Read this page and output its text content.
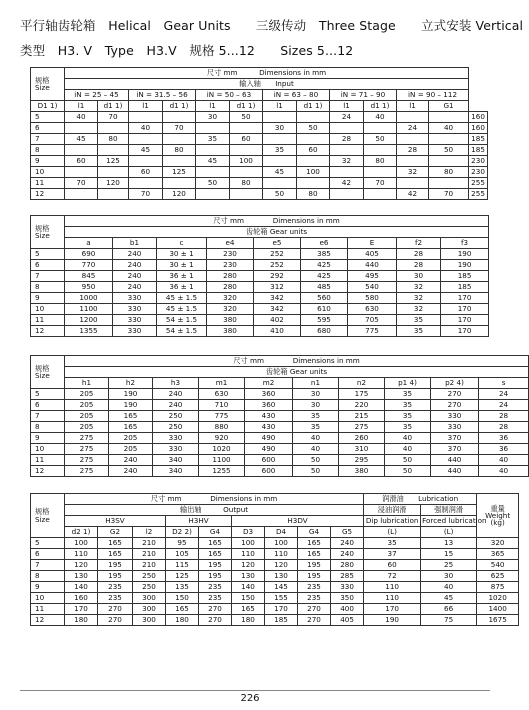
平行轴齿轮箱　Helical　Gear Units　　三级传动　Three Stage　　立式安装 Vertical
类型　H3. V　Type　H3.V　规格 5...12　　Sizes 5...12
规格
Size	尺寸 mm　　　Dimensions in mm												
	输入轴　　Input												
	iN = 25 – 45		iN = 31.5 – 56		iN = 50 – 63		iN = 63 – 80		iN = 71 – 90		iN = 90 – 112		
D1 1)	l1	d1 1)	l1	d1 1)	l1	d1 1)	l1	d1 1)	l1	d1 1)	l1	G1	
5	40	70			30	50			24	40			160
6			40	70			30	50			24	40	160
7	45	80			35	60			28	50			185
8			45	80			35	60			28	50	185
9	60	125			45	100			32	80			230
10			60	125			45	100			32	80	230
11	70	120			50	80			42	70			255
12			70	120			50	80			42	70	255
规格
Size	尺寸 mm　　　　Dimensions in mm									
	齿轮箱 Gear units									
	a	b1	c	e4	e5	e6	E	f2	f3	
5	690	240	30 ± 1	230	252	385	405	28	190	
6	770	240	30 ± 1	230	252	425	440	28	190	
7	845	240	36 ± 1	280	292	425	495	30	185	
8	950	240	36 ± 1	280	312	485	540	32	185	
9	1000	330	45 ± 1.5	320	342	560	580	32	170	
10	1100	330	45 ± 1.5	320	342	610	630	32	170	
11	1200	330	54 ± 1.5	380	402	595	705	35	170	
12	1355	330	54 ± 1.5	380	410	680	775	35	170	
规格
Size	尺寸 mm　　　　Dimensions in mm									
	齿轮箱 Gear units									
	h1	h2	h3	m1	m2	n1	n2	p1 4)	p2 4)	s
5	205	190	240	630	360	30	175	35	270	24
6	205	190	240	710	360	30	220	35	270	24
7	205	165	250	775	430	35	215	35	330	28
8	205	165	250	880	430	35	275	35	330	28
9	275	205	330	920	490	40	260	40	370	36
10	275	205	330	1020	490	40	310	40	370	36
11	275	240	340	1100	600	50	295	50	440	40
12	275	240	340	1255	600	50	380	50	440	40
规格
Size	尺寸 mm　　　　Dimensions in mm									润滑油　　Lubrication		重量
Weight
(kg)
	输出轴　　　Output									浸油润滑	强制润滑	
	H3SV			H3HV		H3DV				Dip lubrication	Forced lubrication	
	d2 1)	G2	l2	D2 2)	G4	D3	D4	G4	G5	(L)	(L)	
5	100	165	210	95	165	100	100	165	240	35	13	320
6	110	165	210	105	165	110	110	165	240	37	15	365
7	120	195	210	115	195	120	120	195	280	60	25	540
8	130	195	250	125	195	130	130	195	285	72	30	625
9	140	235	250	135	235	140	145	235	330	110	40	875
10	160	235	300	150	235	150	155	235	350	110	45	1020
11	170	270	300	165	270	165	170	270	400	170	66	1400
12	180	270	300	180	270	180	185	270	405	190	75	1675
226
